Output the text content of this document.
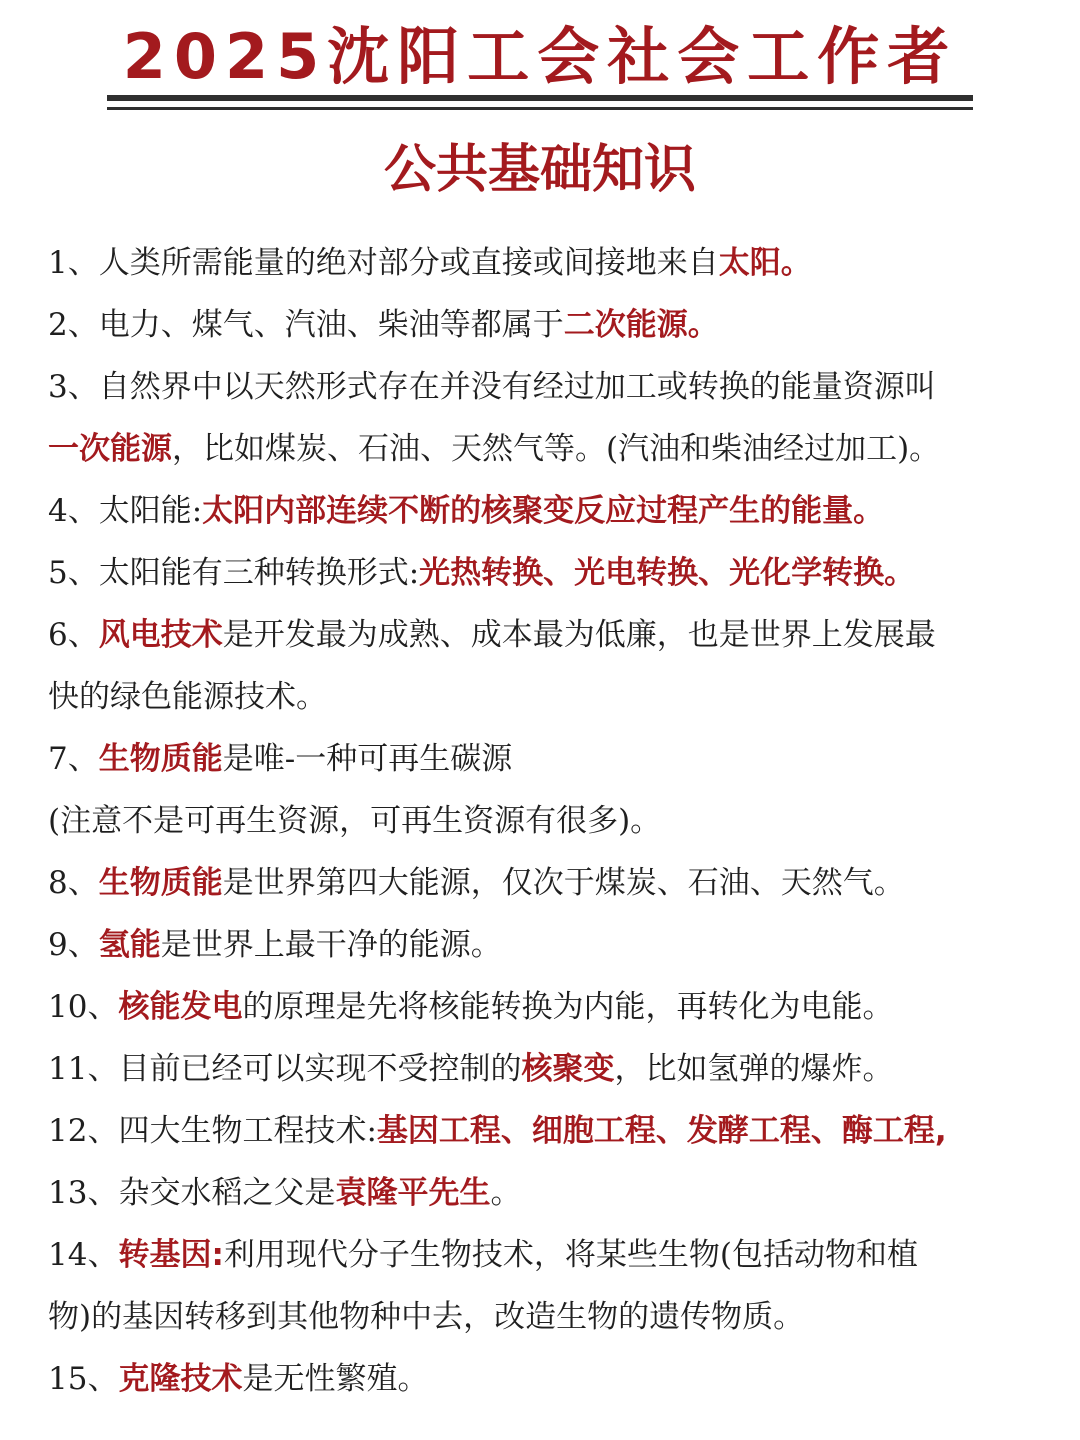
2025沈阳工会社会工作者
公共基础知识
1、人类所需能量的绝对部分或直接或间接地来自太阳。
2、电力、煤气、汽油、柴油等都属于二次能源。
3、自然界中以天然形式存在并没有经过加工或转换的能量资源叫
一次能源，比如煤炭、石油、天然气等。(汽油和柴油经过加工)。
4、太阳能:太阳内部连续不断的核聚变反应过程产生的能量。
5、太阳能有三种转换形式:光热转换、光电转换、光化学转换。
6、风电技术是开发最为成熟、成本最为低廉，也是世界上发展最
快的绿色能源技术。
7、生物质能是唯-一种可再生碳源
(注意不是可再生资源，可再生资源有很多)。
8、生物质能是世界第四大能源，仅次于煤炭、石油、天然气。
9、氢能是世界上最干净的能源。
10、核能发电的原理是先将核能转换为内能，再转化为电能。
11、目前已经可以实现不受控制的核聚变，比如氢弹的爆炸。
12、四大生物工程技术:基因工程、细胞工程、发酵工程、酶工程,
13、杂交水稻之父是袁隆平先生。
14、转基因:利用现代分子生物技术，将某些生物(包括动物和植
物)的基因转移到其他物种中去，改造生物的遗传物质。
15、克隆技术是无性繁殖。
